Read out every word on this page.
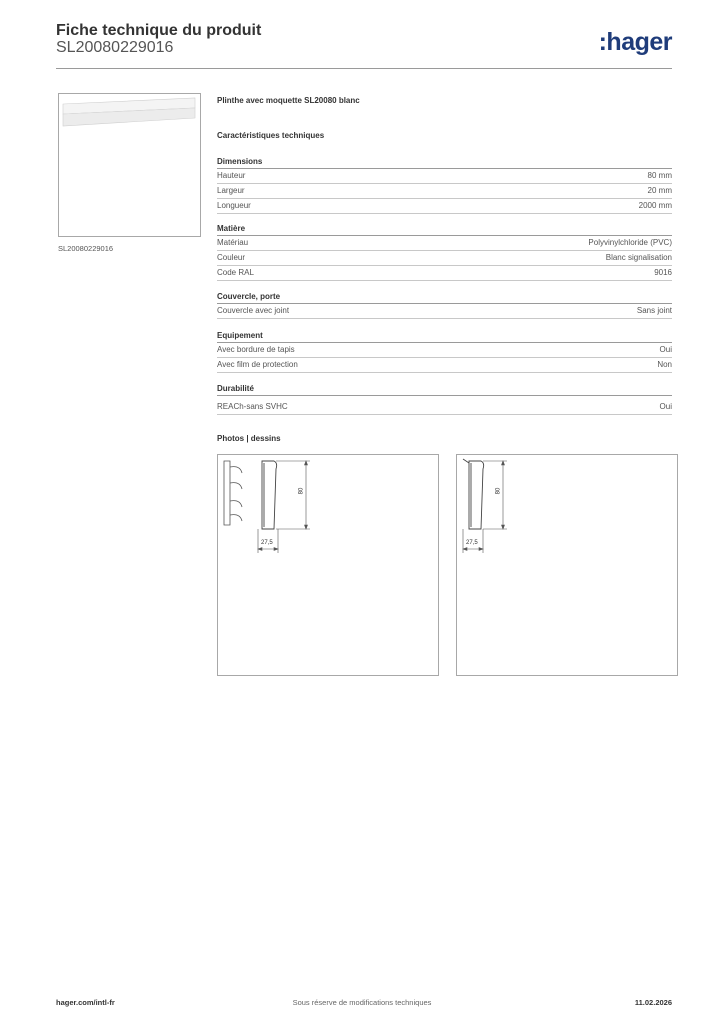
Fiche technique du produit
SL20080229016	:hager
SL20080229016
Plinthe avec moquette SL20080 blanc
Caractéristiques techniques
Dimensions
Hauteur	80 mm
Largeur	20 mm
Longueur	2000 mm
Matière
Matériau	Polyvinylchloride (PVC)
Couleur	Blanc signalisation
Code RAL	9016
Couvercle, porte
Couvercle avec joint	Sans joint
Equipement
Avec bordure de tapis	Oui
Avec film de protection	Non
Durabilité
REACh-sans SVHC	Oui
Photos | dessins
80
27,5
80
27,5
hager.com/intl-fr	Sous réserve de modifications techniques	11.02.2026
